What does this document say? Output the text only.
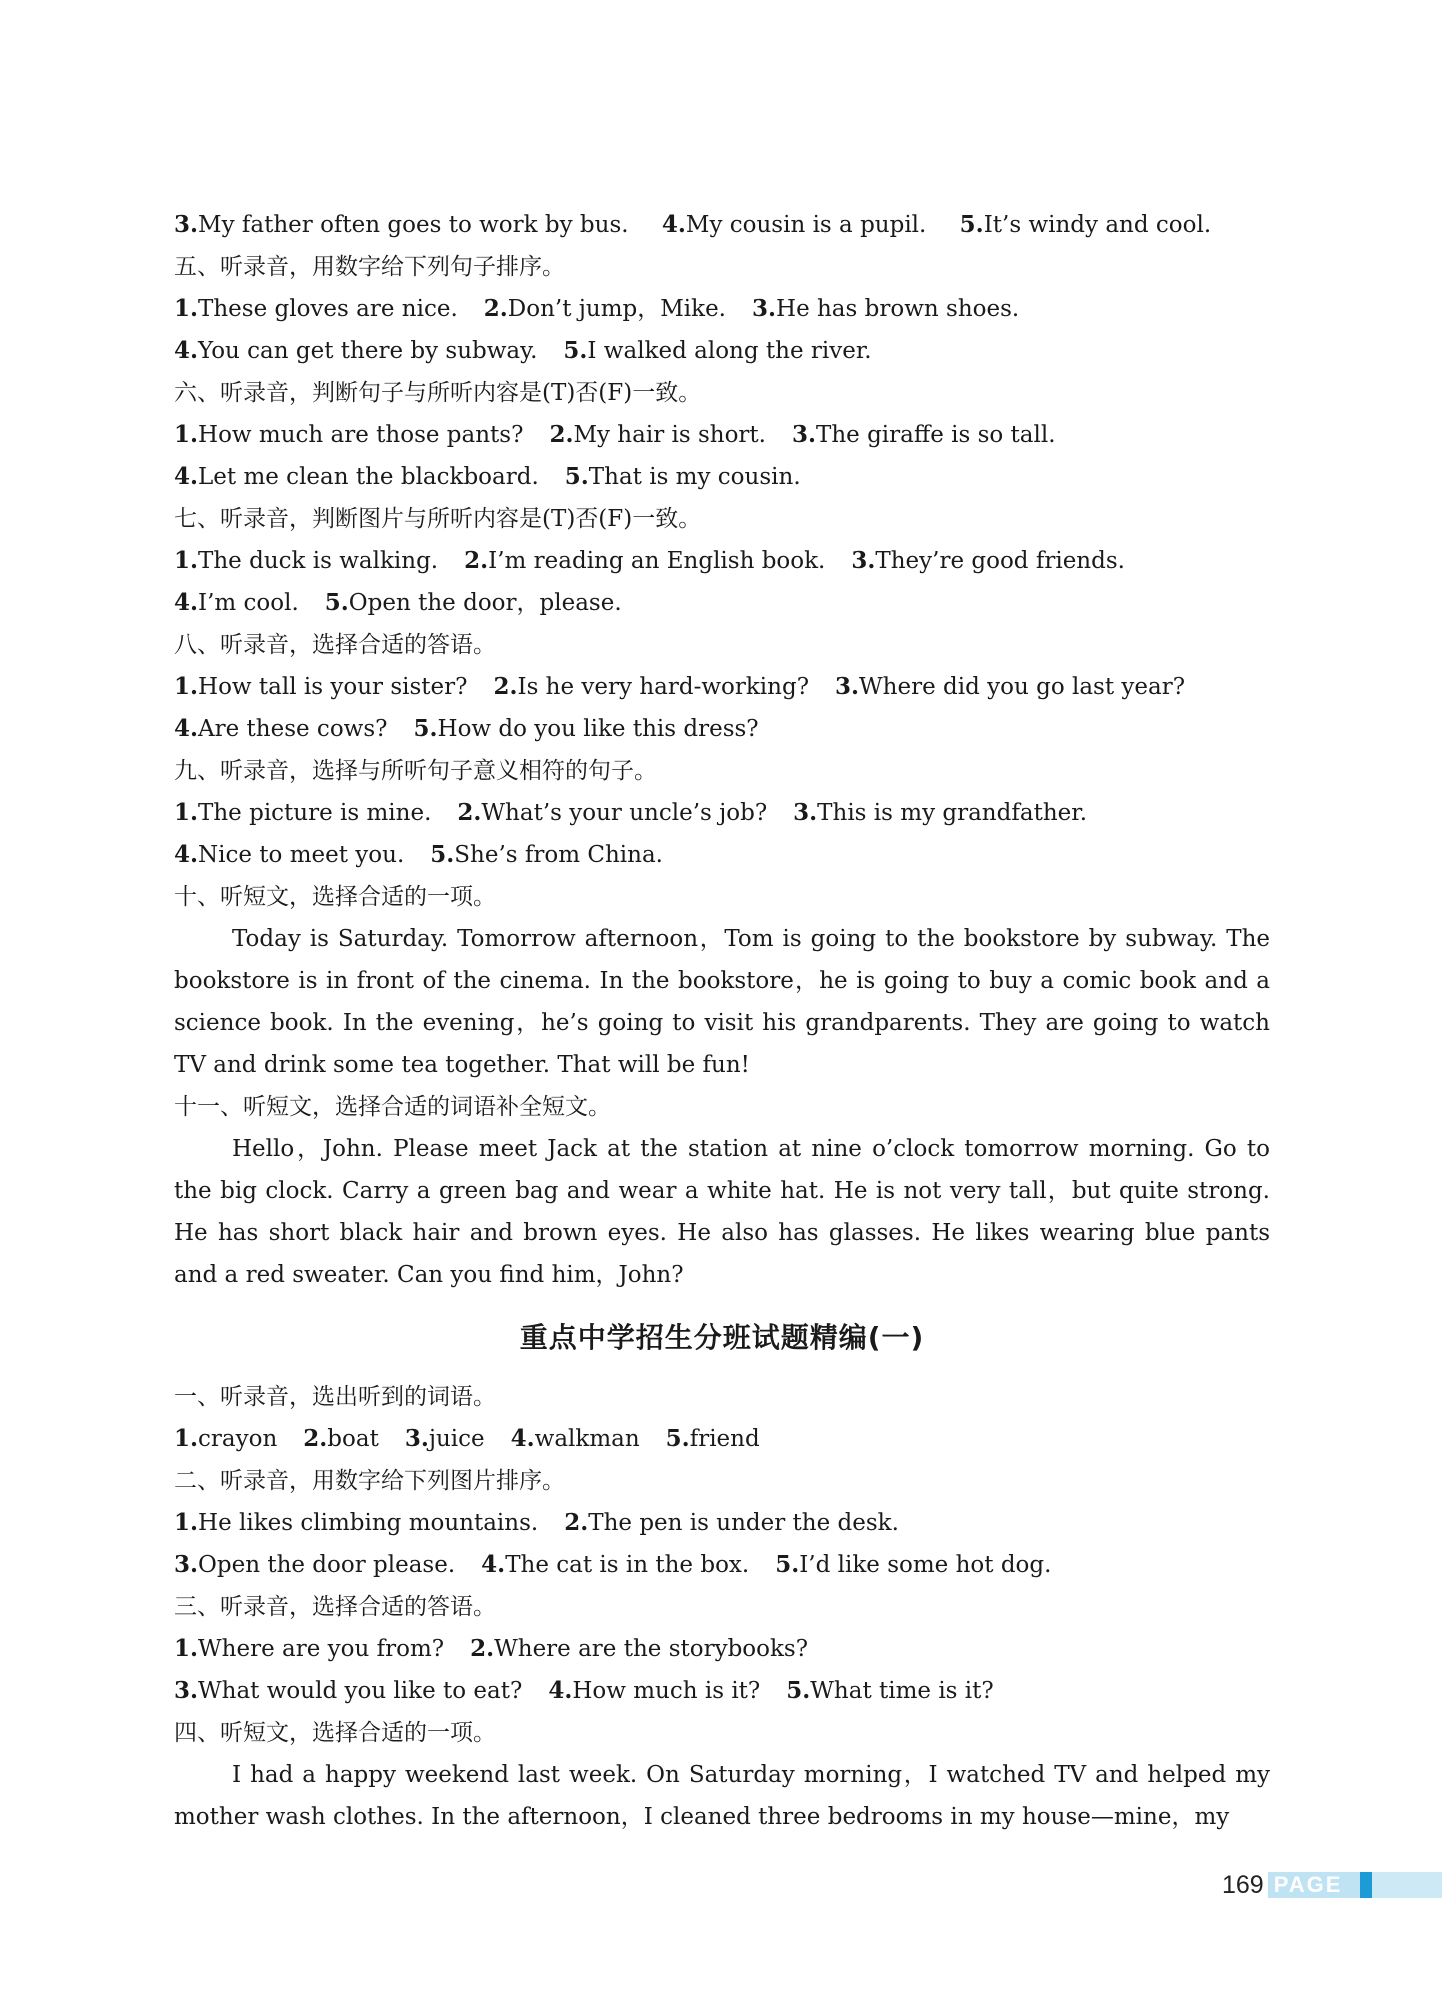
3.My father often goes to work by bus. 4.My cousin is a pupil. 5.It’s windy and cool.
五、听录音，用数字给下列句子排序。
1.These gloves are nice. 2.Don’t jump，Mike. 3.He has brown shoes.
4.You can get there by subway. 5.I walked along the river.
六、听录音，判断句子与所听内容是(T)否(F)一致。
1.How much are those pants? 2.My hair is short. 3.The giraffe is so tall.
4.Let me clean the blackboard. 5.That is my cousin.
七、听录音，判断图片与所听内容是(T)否(F)一致。
1.The duck is walking. 2.I’m reading an English book. 3.They’re good friends.
4.I’m cool. 5.Open the door，please.
八、听录音，选择合适的答语。
1.How tall is your sister? 2.Is he very hard-working? 3.Where did you go last year?
4.Are these cows? 5.How do you like this dress?
九、听录音，选择与所听句子意义相符的句子。
1.The picture is mine. 2.What’s your uncle’s job? 3.This is my grandfather.
4.Nice to meet you. 5.She’s from China.
十、听短文，选择合适的一项。

Today is Saturday. Tomorrow afternoon，Tom is going to the bookstore by subway. The bookstore is in front of the cinema. In the bookstore，he is going to buy a comic book and a science book. In the evening，he’s going to visit his grandparents. They are going to watch TV and drink some tea together. That will be fun!

十一、听短文，选择合适的词语补全短文。

Hello，John. Please meet Jack at the station at nine o’clock tomorrow morning. Go to the big clock. Carry a green bag and wear a white hat. He is not very tall，but quite strong. He has short black hair and brown eyes. He also has glasses. He likes wearing blue pants and a red sweater. Can you find him，John?

重点中学招生分班试题精编(一)
一、听录音，选出听到的词语。
1.crayon 2.boat 3.juice 4.walkman 5.friend
二、听录音，用数字给下列图片排序。
1.He likes climbing mountains. 2.The pen is under the desk.
3.Open the door please. 4.The cat is in the box. 5.I’d like some hot dog.
三、听录音，选择合适的答语。
1.Where are you from? 2.Where are the storybooks?
3.What would you like to eat? 4.How much is it? 5.What time is it?
四、听短文，选择合适的一项。

I had a happy weekend last week. On Saturday morning，I watched TV and helped my mother wash clothes. In the afternoon，I cleaned three bedrooms in my house—mine，my

169 PAGE
